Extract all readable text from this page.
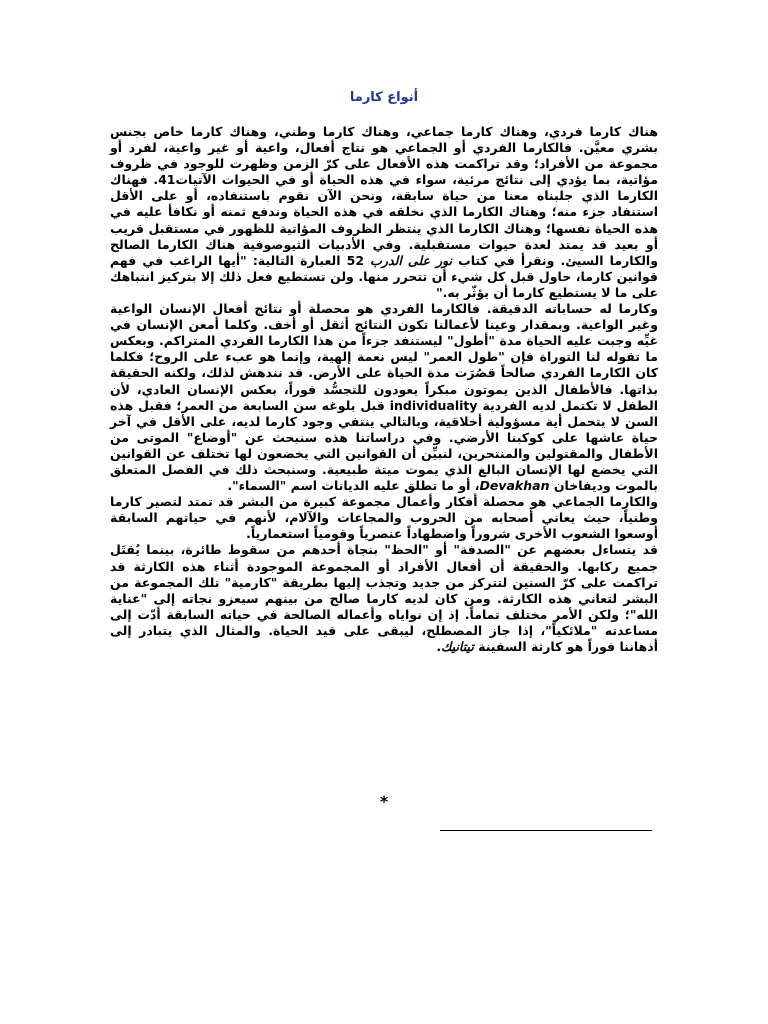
أنواع كارما

هناك كارما فردي، وهناك كارما جماعي، وهناك كارما وطني، وهناك كارما خاص بجنس بشري معيَّن. فالكارما الفردي أو الجماعي هو نتاج أفعال، واعية أو غير واعية، لفرد أو مجموعة من الأفراد؛ وقد تراكمت هذه الأفعال على كرّ الزمن وظهرت للوجود في ظروف مؤاتية، بما يؤدي إلى نتائج مرئية، سواء في هذه الحياة أو في الحيوات الآتيات41. فهناك الكارما الذي جلبناه معنا من حياة سابقة، ونحن الآن نقوم باستنفاده، أو على الأقل استنفاد جزء منه؛ وهناك الكارما الذي نخلقه في هذه الحياة وندفع ثمنه أو نكافأ عليه في هذه الحياة نفسها؛ وهناك الكارما الذي ينتظر الظروف المؤاتية للظهور في مستقبل قريب أو بعيد قد يمتد لعدة حيوات مستقبلية. وفي الأدبيات الثيوصوفية هناك الكارما الصالح والكارما السيئ. ونقرأ في كتاب نور على الدرب 52 العبارة التالية: "أيها الراغب في فهم قوانين كارما، حاول قبل كل شيء أن تتحرر منها. ولن تستطيع فعل ذلك إلا بتركيز انتباهك على ما لا يستطيع كارما أن يؤثّر به."

وكارما له حساباته الدقيقة. فالكارما الفردي هو محصلة أو نتائج أفعال الإنسان الواعية وغير الواعية. وبمقدار وعينا لأعمالنا تكون النتائج أثقل أو أخف. وكلما أمعن الإنسان في غيِّه وجبت عليه الحياة مدة "أطول" ليستنفد جزءاً من هذا الكارما الفردي المتراكم. وبعكس ما تقوله لنا التوراة فإن "طول العمر" ليس نعمة إلهية، وإنما هو عبء على الروح؛ فكلما كان الكارما الفردي صالحاً قصُرَت مدة الحياة على الأرض. قد نندهش لذلك، ولكنه الحقيقة بذاتها. فالأطفال الذين يموتون مبكراً يعودون للتجسُّد فوراً، بعكس الإنسان العادي، لأن الطفل لا تكتمل لديه الفردية individuality قبل بلوغه سن السابعة من العمر؛ فقبل هذه السن لا يتحمل أية مسؤولية أخلاقية، وبالتالي ينتفي وجود كارما لديه، على الأقل في آخر حياة عاشها على كوكبنا الأرضي. وفي دراساتنا هذه سنبحث عن "أوضاع" الموتى من الأطفال والمقتولين والمنتحرين، لنبيِّن أن القوانين التي يخضعون لها تختلف عن القوانين التي يخضع لها الإنسان البالغ الذي يموت ميتة طبيعية. وسنبحث ذلك في الفصل المتعلق بالموت وديفاخان Devakhan، أو ما تطلق عليه الديانات اسم "السماء".

والكارما الجماعي هو محصلة أفكار وأعمال مجموعة كبيرة من البشر قد تمتد لتصير كارما وطنياً، حيث يعاني أصحابه من الحروب والمجاعات والآلام، لأنهم في حياتهم السابقة أوسعوا الشعوب الأخرى شروراً واضطهاداً عنصرياً وقومياً استعمارياً.

قد يتساءل بعضهم عن "الصدفة" أو "الحظ" بنجاة أحدهم من سقوط طائرة، بينما يُقتَل جميع ركابها. والحقيقة أن أفعال الأفراد أو المجموعة الموجودة أثناء هذه الكارثة قد تراكمت على كرّ السنين لتتركز من جديد وتجذب إليها بطريقة "كارمية" تلك المجموعة من البشر لتعاني هذه الكارثة. ومن كان لديه كارما صالح من بينهم سيعزو نجاته إلى "عناية الله"؛ ولكن الأمر مختلف تماماً. إذ إن نواياه وأعماله الصالحة في حياته السابقة أدّت إلى مساعدته "ملائكياً"، إذا جاز المصطلح، ليبقى على قيد الحياة. والمثال الذي يتبادر إلى أذهاننا فوراً هو كارثة السفينة تيتانيك.

*
